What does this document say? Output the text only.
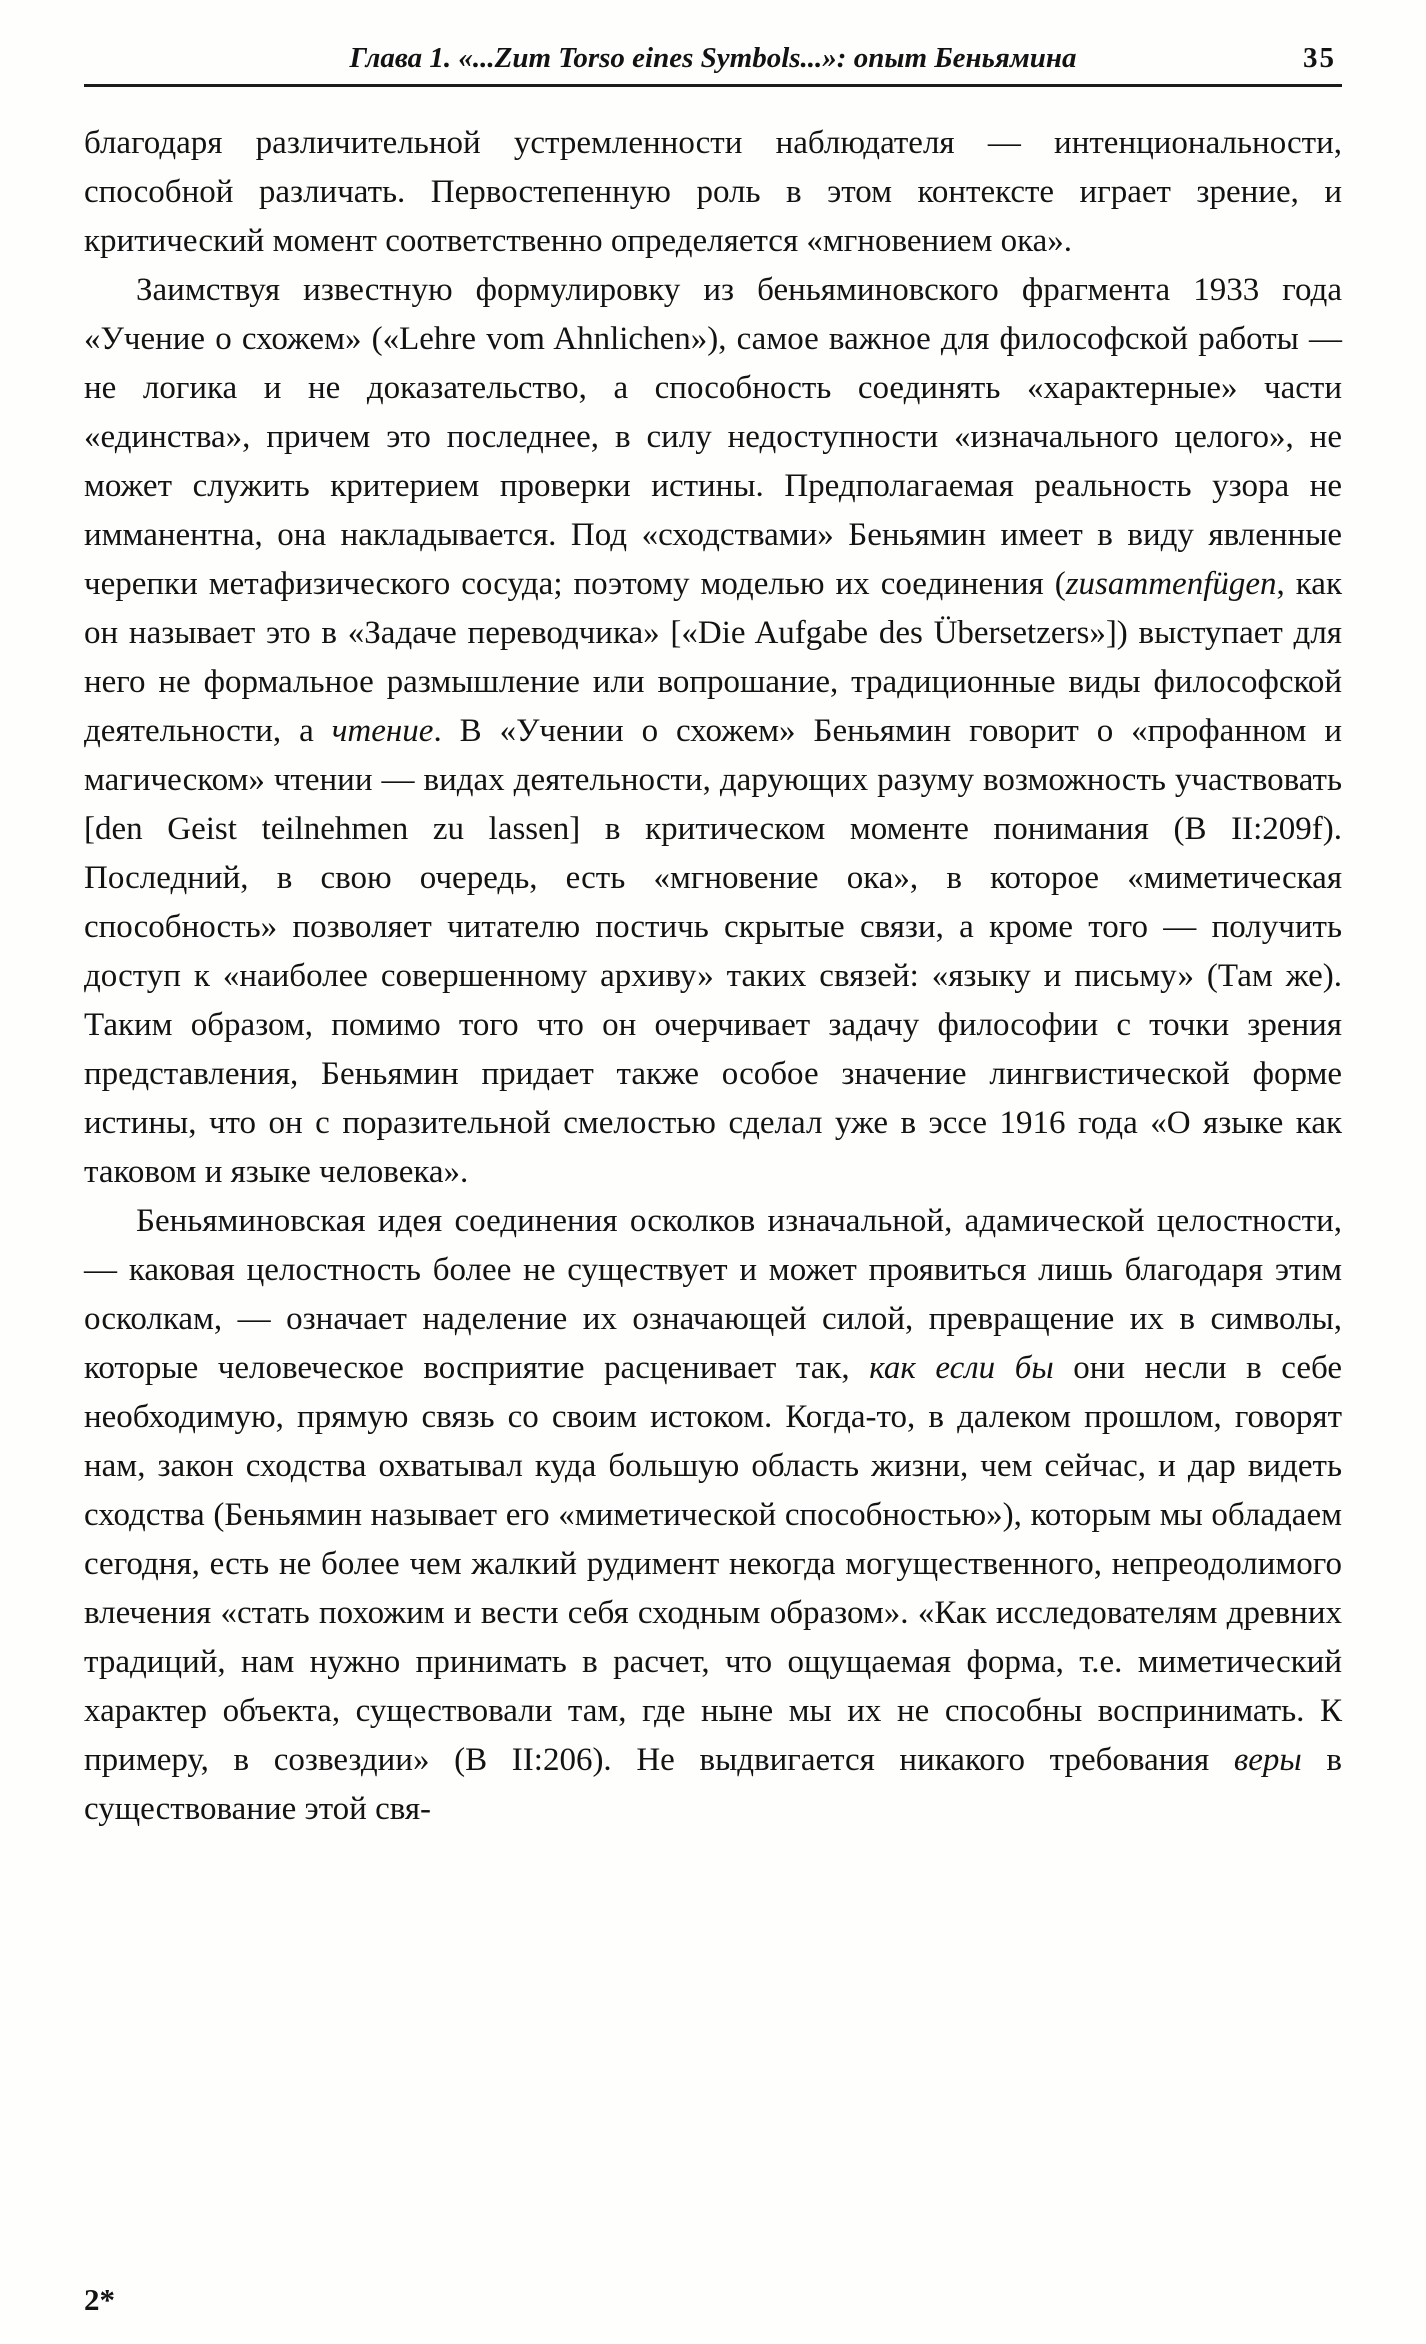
Глава 1. «...Zum Torso eines Symbols...»: опыт Беньямина	35

благодаря различительной устремленности наблюдателя — интенциональности, способной различать. Первостепенную роль в этом контексте играет зрение, и критический момент соответственно определяется «мгновением ока».

Заимствуя известную формулировку из беньяминовского фрагмента 1933 года «Учение о схожем» («Lehre vom Ahnlichen»), самое важное для философской работы — не логика и не доказательство, а способность соединять «характерные» части «единства», причем это последнее, в силу недоступности «изначального целого», не может служить критерием проверки истины. Предполагаемая реальность узора не имманентна, она накладывается. Под «сходствами» Беньямин имеет в виду явленные черепки метафизического сосуда; поэтому моделью их соединения (zusammenfügen, как он называет это в «Задаче переводчика» [«Die Aufgabe des Übersetzers»]) выступает для него не формальное размышление или вопрошание, традиционные виды философской деятельности, а чтение. В «Учении о схожем» Беньямин говорит о «профанном и магическом» чтении — видах деятельности, дарующих разуму возможность участвовать [den Geist teilnehmen zu lassen] в критическом моменте понимания (B II:209f). Последний, в свою очередь, есть «мгновение ока», в которое «миметическая способность» позволяет читателю постичь скрытые связи, а кроме того — получить доступ к «наиболее совершенному архиву» таких связей: «языку и письму» (Там же). Таким образом, помимо того что он очерчивает задачу философии с точки зрения представления, Беньямин придает также особое значение лингвистической форме истины, что он с поразительной смелостью сделал уже в эссе 1916 года «О языке как таковом и языке человека».

Беньяминовская идея соединения осколков изначальной, адамической целостности, — каковая целостность более не существует и может проявиться лишь благодаря этим осколкам, — означает наделение их означающей силой, превращение их в символы, которые человеческое восприятие расценивает так, как если бы они несли в себе необходимую, прямую связь со своим истоком. Когда-то, в далеком прошлом, говорят нам, закон сходства охватывал куда большую область жизни, чем сейчас, и дар видеть сходства (Беньямин называет его «миметической способностью»), которым мы обладаем сегодня, есть не более чем жалкий рудимент некогда могущественного, непреодолимого влечения «стать похожим и вести себя сходным образом». «Как исследователям древних традиций, нам нужно принимать в расчет, что ощущаемая форма, т.е. миметический характер объекта, существовали там, где ныне мы их не способны воспринимать. К примеру, в созвездии» (B II:206). Не выдвигается никакого требования веры в существование этой свя-

2*
